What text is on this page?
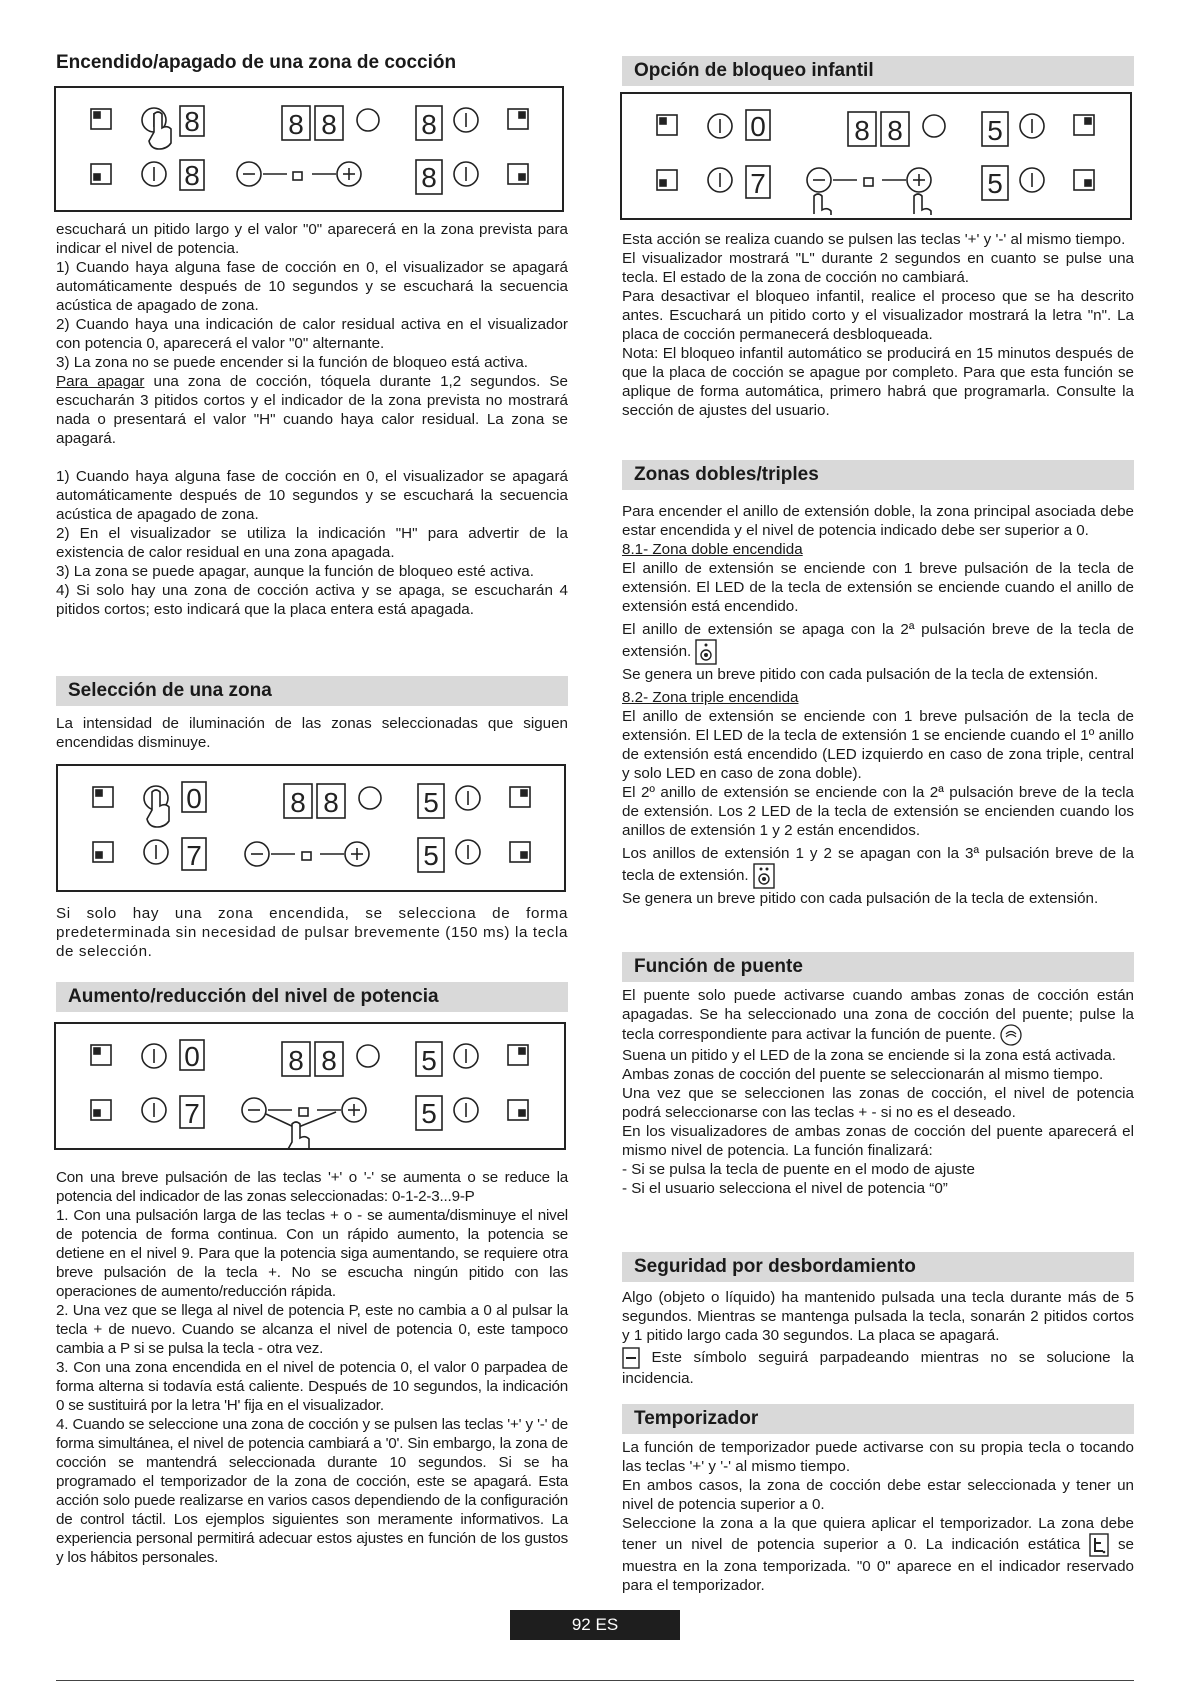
Encendido/apagado de una zona de cocción
8
8
8 8	8
8

escuchará un pitido largo y el valor "0" aparecerá en la zona prevista para indicar el nivel de potencia.

1) Cuando haya alguna fase de cocción en 0, el visualizador se apagará automáticamente después de 10 segundos y se escuchará la secuencia acústica de apagado de zona.

2) Cuando haya una indicación de calor residual activa en el visualizador con potencia 0, aparecerá el valor "0" alternante.

3) La zona no se puede encender si la función de bloqueo está activa.

Para apagar una zona de cocción, tóquela durante 1,2 segundos. Se escucharán 3 pitidos cortos y el indicador de la zona prevista no mostrará nada o presentará el valor "H" cuando haya calor residual. La zona se apagará.

1) Cuando haya alguna fase de cocción en 0, el visualizador se apagará automáticamente después de 10 segundos y se escuchará la secuencia acústica de apagado de zona.

2) En el visualizador se utiliza la indicación "H" para advertir de la existencia de calor residual en una zona apagada.

3) La zona se puede apagar, aunque la función de bloqueo esté activa.

4) Si solo hay una zona de cocción activa y se apaga, se escucharán 4 pitidos cortos; esto indicará que la placa entera está apagada.

Selección de una zona

La intensidad de iluminación de las zonas seleccionadas que siguen encendidas disminuye.

0
7
8 8	5
5

Si solo hay una zona encendida, se selecciona de forma predeterminada sin necesidad de pulsar brevemente (150 ms) la tecla de selección.

Aumento/reducción del nivel de potencia
0
7
8 8	5
5

Con una breve pulsación de las teclas '+' o '-' se aumenta o se reduce la potencia del indicador de las zonas seleccionadas: 0-1-2-3...9-P

1. Con una pulsación larga de las teclas + o - se aumenta/disminuye el nivel de potencia de forma continua. Con un rápido aumento, la potencia se detiene en el nivel 9. Para que la potencia siga aumentando, se requiere otra breve pulsación de la tecla +. No se escucha ningún pitido con las operaciones de aumento/reducción rápida.

2. Una vez que se llega al nivel de potencia P, este no cambia a 0 al pulsar la tecla + de nuevo. Cuando se alcanza el nivel de potencia 0, este tampoco cambia a P si se pulsa la tecla - otra vez.

3. Con una zona encendida en el nivel de potencia 0, el valor 0 parpadea de forma alterna si todavía está caliente. Después de 10 segundos, la indicación 0 se sustituirá por la letra 'H' fija en el visualizador.

4. Cuando se seleccione una zona de cocción y se pulsen las teclas '+' y '-' de forma simultánea, el nivel de potencia cambiará a '0'. Sin embargo, la zona de cocción se mantendrá seleccionada durante 10 segundos. Si se ha programado el temporizador de la zona de cocción, este se apagará. Esta acción solo puede realizarse en varios casos dependiendo de la configuración de control táctil. Los ejemplos siguientes son meramente informativos. La experiencia personal permitirá adecuar estos ajustes en función de los gustos y los hábitos personales.

Opción de bloqueo infantil
0
7
8 8	5
5

Esta acción se realiza cuando se pulsen las teclas '+' y '-' al mismo tiempo.

El visualizador mostrará "L" durante 2 segundos en cuanto se pulse una tecla. El estado de la zona de cocción no cambiará.

Para desactivar el bloqueo infantil, realice el proceso que se ha descrito antes. Escuchará un pitido corto y el visualizador mostrará la letra "n". La placa de cocción permanecerá desbloqueada.

Nota: El bloqueo infantil automático se producirá en 15 minutos después de que la placa de cocción se apague por completo. Para que esta función se aplique de forma automática, primero habrá que programarla. Consulte la sección de ajustes del usuario.

Zonas dobles/triples

Para encender el anillo de extensión doble, la zona principal asociada debe estar encendida y el nivel de potencia indicado debe ser superior a 0.

8.1- Zona doble encendida

El anillo de extensión se enciende con 1 breve pulsación de la tecla de extensión. El LED de la tecla de extensión se enciende cuando el anillo de extensión está encendido.

El anillo de extensión se apaga con la 2ª pulsación breve de la tecla de extensión.

Se genera un breve pitido con cada pulsación de la tecla de extensión.

8.2- Zona triple encendida

El anillo de extensión se enciende con 1 breve pulsación de la tecla de extensión. El LED de la tecla de extensión 1 se enciende cuando el 1º anillo de extensión está encendido (LED izquierdo en caso de zona triple, central y solo LED en caso de zona doble).

El 2º anillo de extensión se enciende con la 2ª pulsación breve de la tecla de extensión. Los 2 LED de la tecla de extensión se encienden cuando los anillos de extensión 1 y 2 están encendidos.

Los anillos de extensión 1 y 2 se apagan con la 3ª pulsación breve de la tecla de extensión.

Se genera un breve pitido con cada pulsación de la tecla de extensión.

Función de puente

El puente solo puede activarse cuando ambas zonas de cocción están apagadas. Se ha seleccionado una zona de cocción del puente; pulse la tecla correspondiente para activar la función de puente.

Suena un pitido y el LED de la zona se enciende si la zona está activada.

Ambas zonas de cocción del puente se seleccionarán al mismo tiempo.

Una vez que se seleccionen las zonas de cocción, el nivel de potencia podrá seleccionarse con las teclas + - si no es el deseado.

En los visualizadores de ambas zonas de cocción del puente aparecerá el mismo nivel de potencia. La función finalizará:

- Si se pulsa la tecla de puente en el modo de ajuste

- Si el usuario selecciona el nivel de potencia “0”

Seguridad por desbordamiento

Algo (objeto o líquido) ha mantenido pulsada una tecla durante más de 5 segundos. Mientras se mantenga pulsada la tecla, sonarán 2 pitidos cortos y 1 pitido largo cada 30 segundos. La placa se apagará.

Este símbolo seguirá parpadeando mientras no se solucione la incidencia.

Temporizador

La función de temporizador puede activarse con su propia tecla o tocando las teclas '+' y '-' al mismo tiempo.

En ambos casos, la zona de cocción debe estar seleccionada y tener un nivel de potencia superior a 0.

Seleccione la zona a la que quiera aplicar el temporizador. La zona debe tener un nivel de potencia superior a 0. La indicación estática se muestra en la zona temporizada. "0 0" aparece en el indicador reservado para el temporizador.

92 ES
